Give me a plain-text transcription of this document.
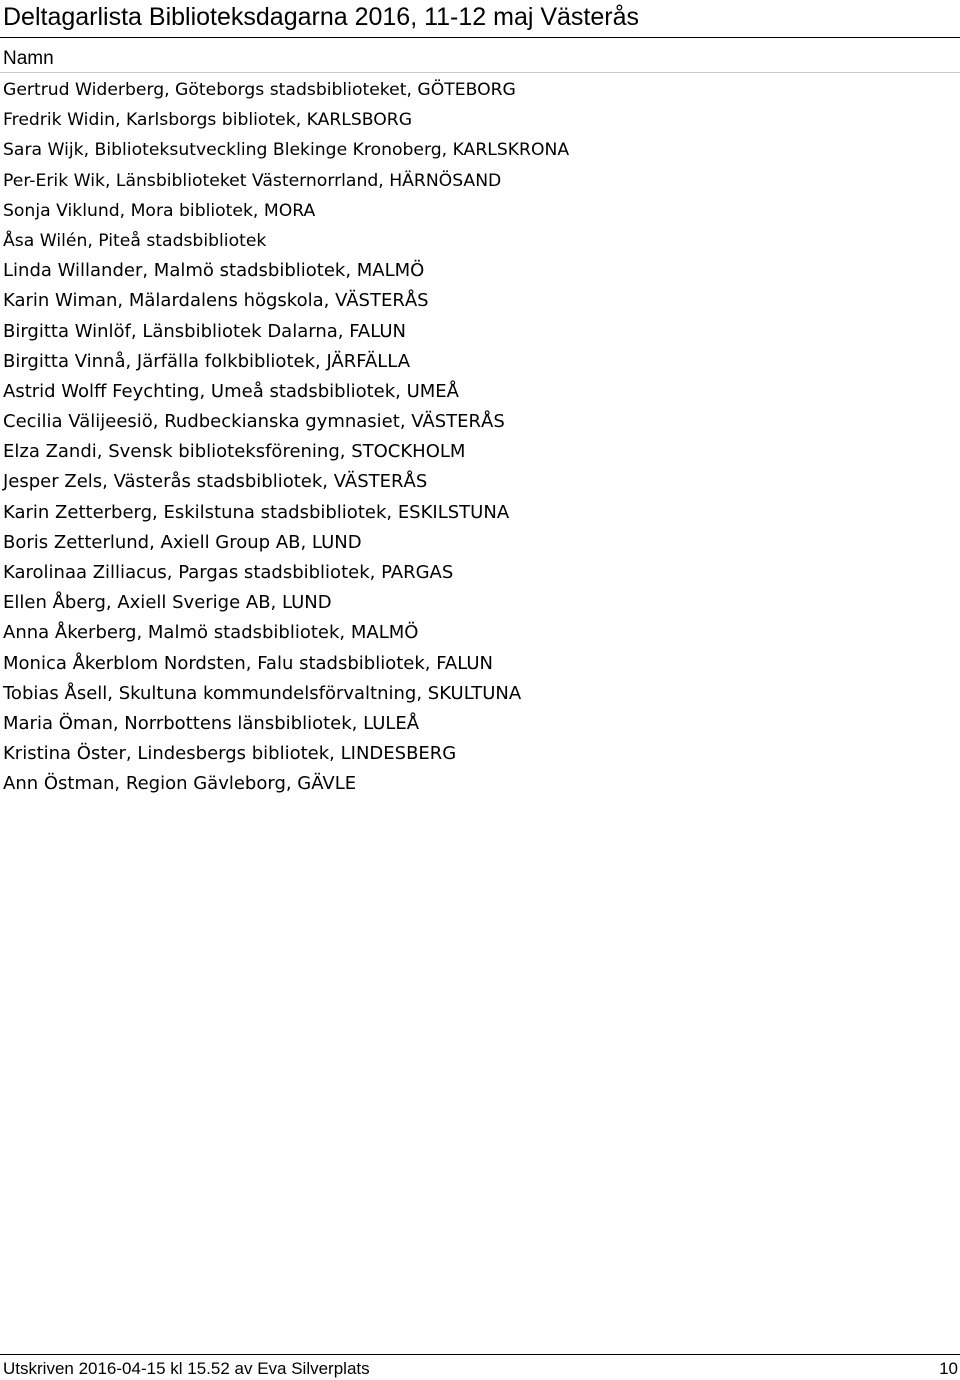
Deltagarlista Biblioteksdagarna 2016, 11-12 maj Västerås
Namn
Gertrud Widerberg, Göteborgs stadsbiblioteket, GÖTEBORG
Fredrik Widin, Karlsborgs bibliotek, KARLSBORG
Sara Wijk, Biblioteksutveckling Blekinge Kronoberg, KARLSKRONA
Per-Erik Wik, Länsbiblioteket Västernorrland, HÄRNÖSAND
Sonja Viklund, Mora bibliotek, MORA
Åsa Wilén, Piteå stadsbibliotek
Linda Willander, Malmö stadsbibliotek, MALMÖ
Karin Wiman, Mälardalens högskola, VÄSTERÅS
Birgitta Winlöf, Länsbibliotek Dalarna, FALUN
Birgitta Vinnå, Järfälla folkbibliotek, JÄRFÄLLA
Astrid Wolff Feychting, Umeå stadsbibliotek, UMEÅ
Cecilia Välijeesiö, Rudbeckianska gymnasiet, VÄSTERÅS
Elza Zandi, Svensk biblioteksförening, STOCKHOLM
Jesper Zels, Västerås stadsbibliotek, VÄSTERÅS
Karin Zetterberg, Eskilstuna stadsbibliotek, ESKILSTUNA
Boris Zetterlund, Axiell Group AB, LUND
Karolinaa Zilliacus, Pargas stadsbibliotek, PARGAS
Ellen Åberg, Axiell Sverige AB, LUND
Anna Åkerberg, Malmö stadsbibliotek, MALMÖ
Monica Åkerblom Nordsten, Falu stadsbibliotek, FALUN
Tobias Åsell, Skultuna kommundelsförvaltning, SKULTUNA
Maria Öman, Norrbottens länsbibliotek, LULEÅ
Kristina Öster, Lindesbergs bibliotek, LINDESBERG
Ann Östman, Region Gävleborg, GÄVLE
Utskriven 2016-04-15 kl 15.52 av Eva Silverplats	10
